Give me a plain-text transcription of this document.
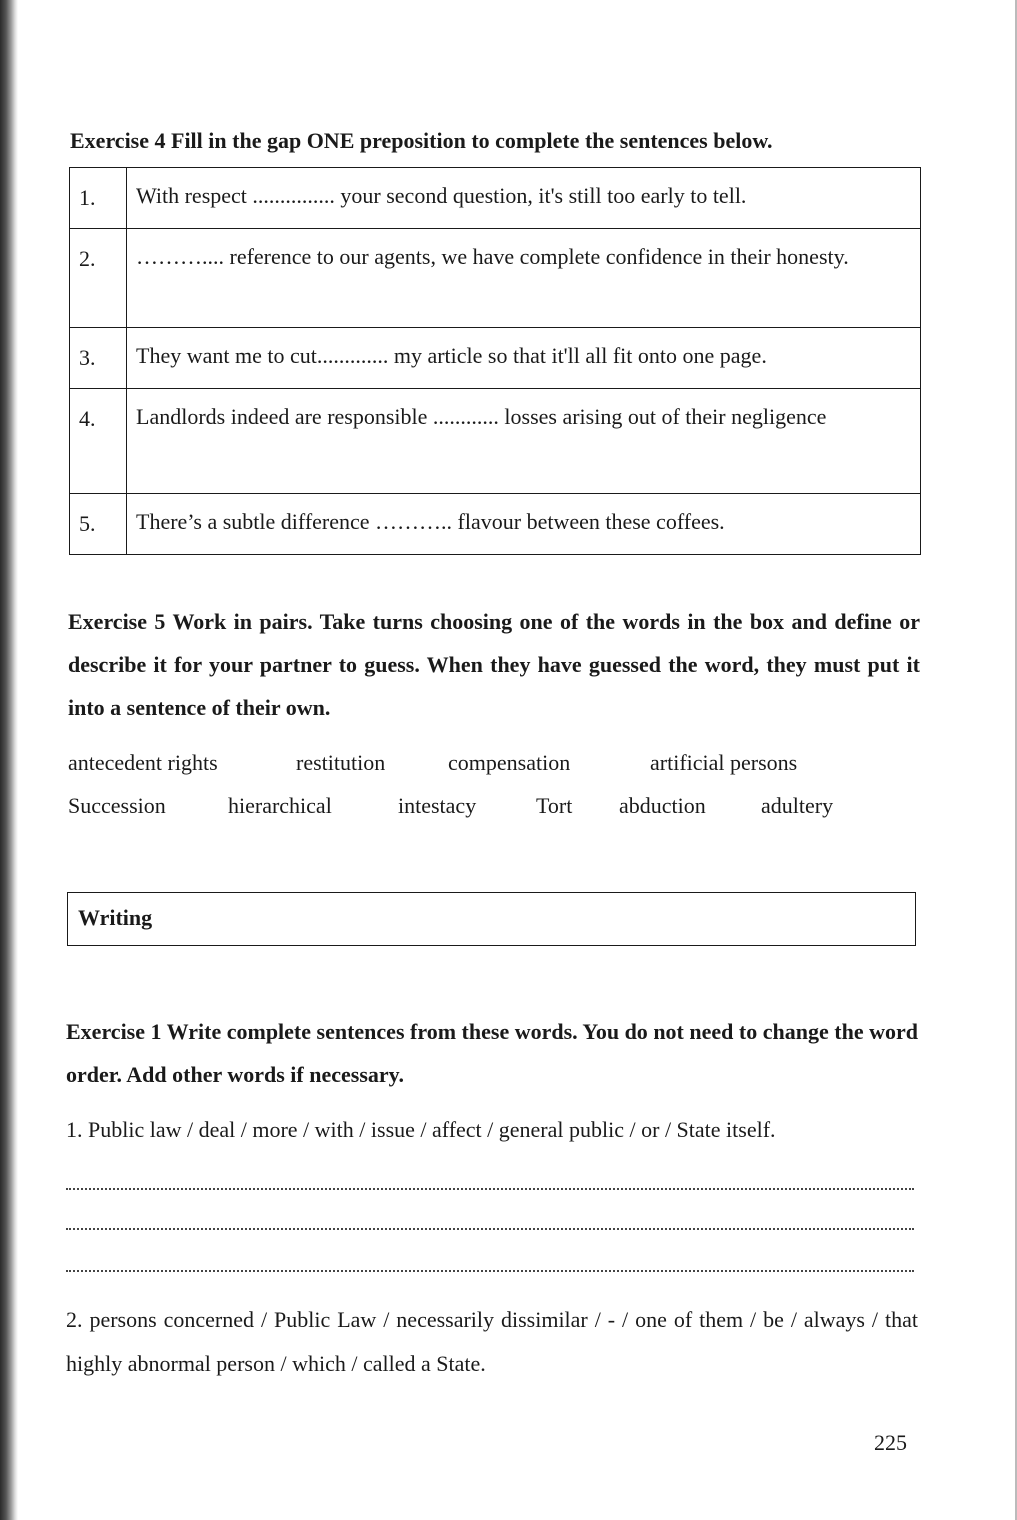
Exercise 4 Fill in the gap ONE preposition to complete the sentences below.

1.	With respect ............... your second question, it's still too early to tell.
2.	……….... reference to our agents, we have complete confidence in their honesty.
3.	They want me to cut............. my article so that it'll all fit onto one page.
4.	Landlords indeed are responsible ............ losses arising out of their negligence
5.	There’s a subtle difference ……….. flavour between these coffees.

Exercise 5 Work in pairs. Take turns choosing one of the words in the box and define or describe it for your partner to guess. When they have guessed the word, they must put it into a sentence of their own.

antecedent rights	restitution	compensation	artificial persons
Succession	hierarchical	intestacy	Tort abduction	adultery
Writing

Exercise 1 Write complete sentences from these words. You do not need to change the word order. Add other words if necessary.

1. Public law / deal / more / with / issue / affect / general public / or / State itself.

2. persons concerned / Public Law / necessarily dissimilar / - / one of them / be / always / that highly abnormal person / which / called a State.

225
